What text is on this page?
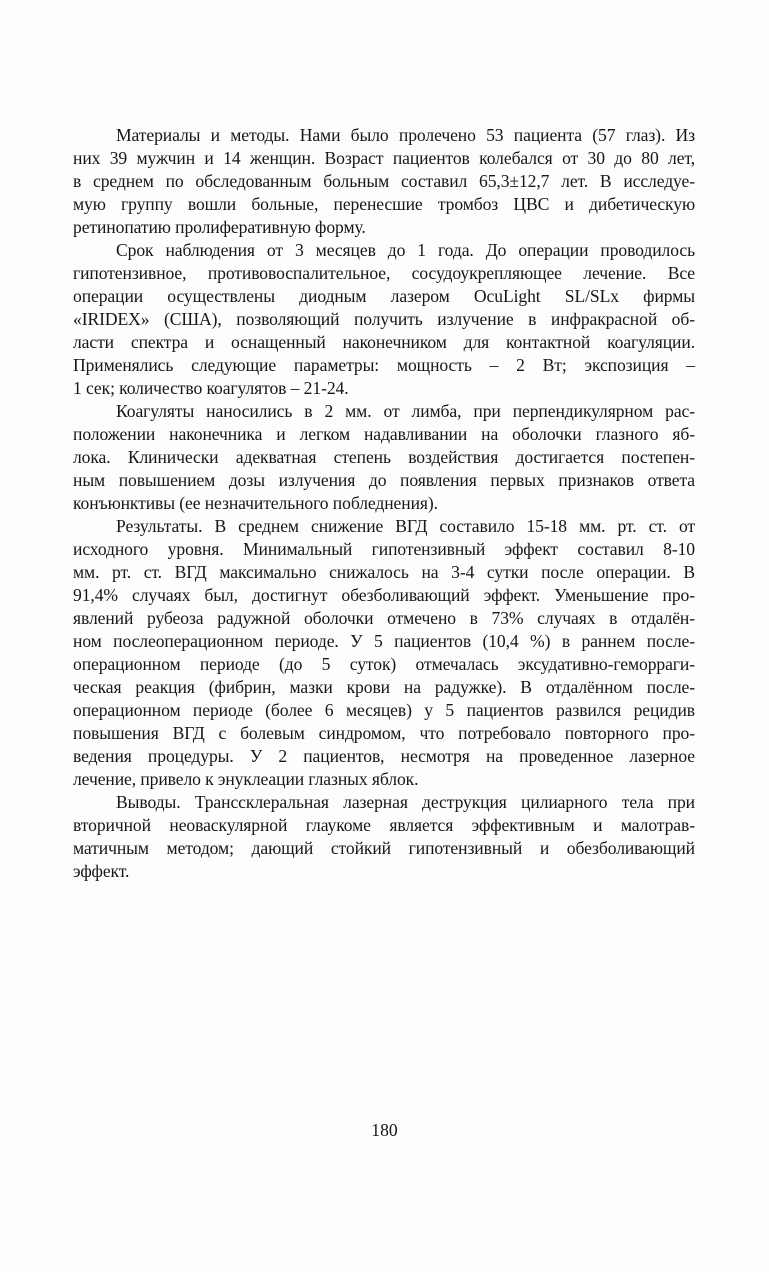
Материалы и методы. Нами было пролечено 53 пациента (57 глаз). Из
них 39 мужчин и 14 женщин. Возраст пациентов колебался от 30 до 80 лет,
в среднем по обследованным больным составил 65,3±12,7 лет. В исследуе-
мую группу вошли больные, перенесшие тромбоз ЦВС и дибетическую
ретинопатию пролиферативную форму.
Срок наблюдения от 3 месяцев до 1 года. До операции проводилось
гипотензивное, противовоспалительное, сосудоукрепляющее лечение. Все
операции осуществлены диодным лазером OcuLight SL/SLx фирмы
«IRIDEX» (США), позволяющий получить излучение в инфракрасной об-
ласти спектра и оснащенный наконечником для контактной коагуляции.
Применялись следующие параметры: мощность – 2 Вт; экспозиция –
1 сек; количество коагулятов – 21-24.
Коагуляты наносились в 2 мм. от лимба, при перпендикулярном рас-
положении наконечника и легком надавливании на оболочки глазного яб-
лока. Клинически адекватная степень воздействия достигается постепен-
ным повышением дозы излучения до появления первых признаков ответа
конъюнктивы (ее незначительного побледнения).
Результаты. В среднем снижение ВГД составило 15-18 мм. рт. ст. от
исходного уровня. Минимальный гипотензивный эффект составил 8-10
мм. рт. ст. ВГД максимально снижалось на 3-4 сутки после операции. В
91,4% случаях был, достигнут обезболивающий эффект. Уменьшение про-
явлений рубеоза радужной оболочки отмечено в 73% случаях в отдалён-
ном послеоперационном периоде. У 5 пациентов (10,4 %) в раннем после-
операционном периоде (до 5 суток) отмечалась эксудативно-геморраги-
ческая реакция (фибрин, мазки крови на радужке). В отдалённом после-
операционном периоде (более 6 месяцев) у 5 пациентов развился рецидив
повышения ВГД с болевым синдромом, что потребовало повторного про-
ведения процедуры. У 2 пациентов, несмотря на проведенное лазерное
лечение, привело к энуклеации глазных яблок.
Выводы. Транссклеральная лазерная деструкция цилиарного тела при
вторичной неоваскулярной глаукоме является эффективным и малотрав-
матичным методом; дающий стойкий гипотензивный и обезболивающий
эффект.
180
